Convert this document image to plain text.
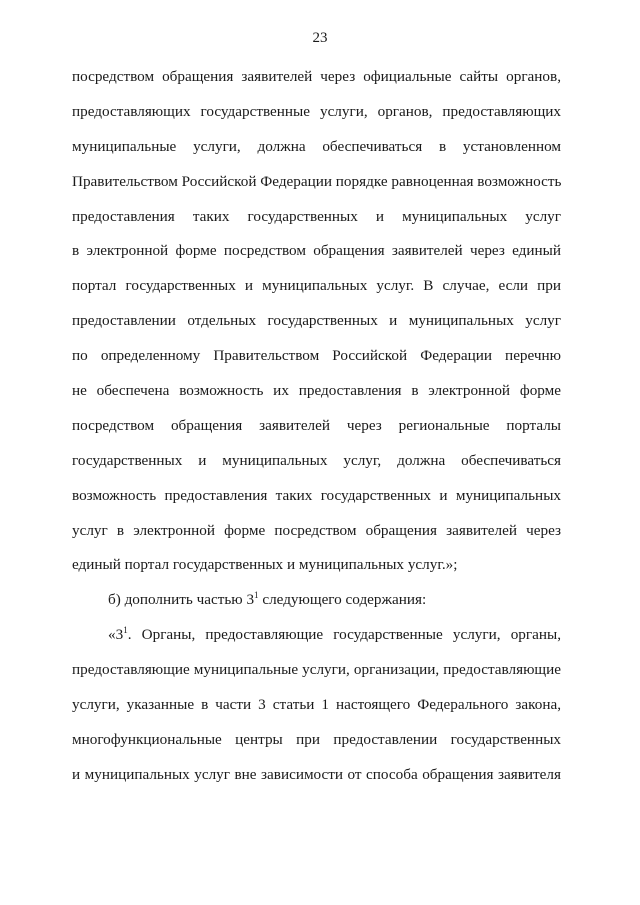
23
посредством обращения заявителей через официальные сайты органов,
предоставляющих государственные услуги, органов, предоставляющих
муниципальные услуги, должна обеспечиваться в установленном
Правительством Российской Федерации порядке равноценная возможность
предоставления таких государственных и муниципальных услуг
в электронной форме посредством обращения заявителей через единый
портал государственных и муниципальных услуг. В случае, если при
предоставлении отдельных государственных и муниципальных услуг
по определенному Правительством Российской Федерации перечню
не обеспечена возможность их предоставления в электронной форме
посредством обращения заявителей через региональные порталы
государственных и муниципальных услуг, должна обеспечиваться
возможность предоставления таких государственных и муниципальных
услуг в электронной форме посредством обращения заявителей через
единый портал государственных и муниципальных услуг.»;
б) дополнить частью $3^1$ следующего содержания:
«$3^1$. Органы, предоставляющие государственные услуги, органы,
предоставляющие муниципальные услуги, организации, предоставляющие
услуги, указанные в части 3 статьи 1 настоящего Федерального закона,
многофункциональные центры при предоставлении государственных
и муниципальных услуг вне зависимости от способа обращения заявителя
